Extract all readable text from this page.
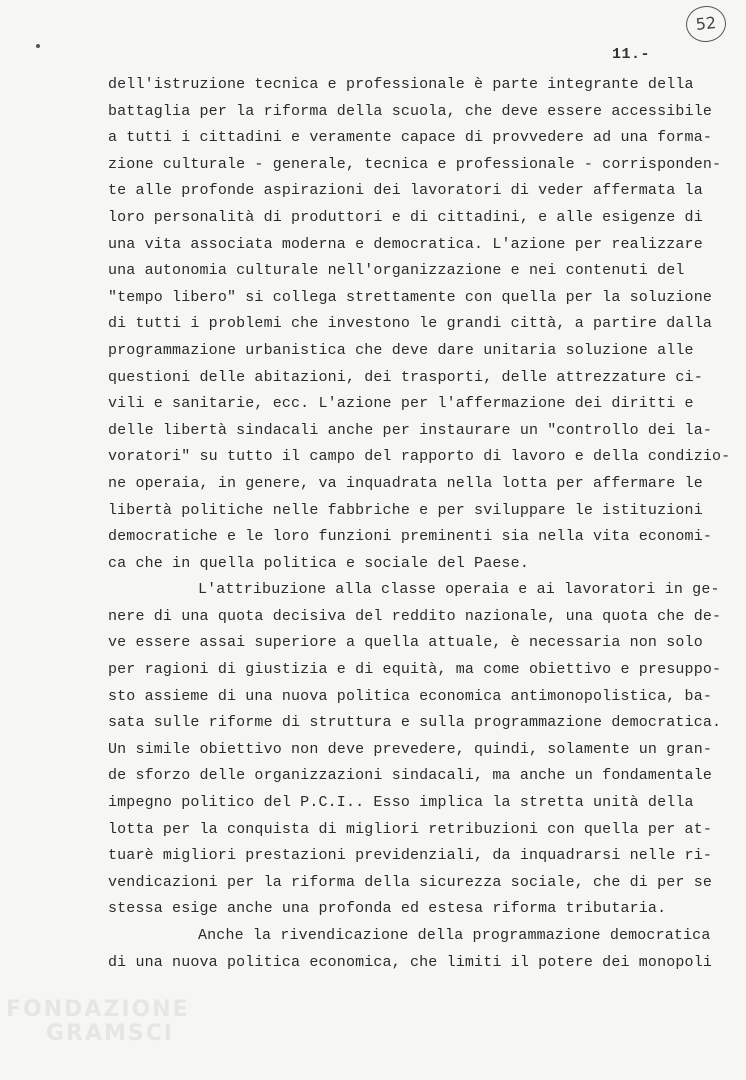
52
11.-
dell'istruzione tecnica e professionale è parte integrante della
battaglia per la riforma della scuola, che deve essere accessibile
a tutti i cittadini e veramente capace di provvedere ad una forma-
zione culturale - generale, tecnica e professionale - corrisponden-
te alle profonde aspirazioni dei lavoratori di veder affermata la
loro personalità di produttori e di cittadini, e alle esigenze di
una vita associata moderna e democratica. L'azione per realizzare
una autonomia culturale nell'organizzazione e nei contenuti del
"tempo libero" si collega strettamente con quella per la soluzione
di tutti i problemi che investono le grandi città, a partire dalla
programmazione urbanistica che deve dare unitaria soluzione alle
questioni delle abitazioni, dei trasporti, delle attrezzature ci-
vili e sanitarie, ecc. L'azione per l'affermazione dei diritti e
delle libertà sindacali anche per instaurare un "controllo dei la-
voratori" su tutto il campo del rapporto di lavoro e della condizio-
ne operaia, in genere, va inquadrata nella lotta per affermare le
libertà politiche nelle fabbriche e per sviluppare le istituzioni
democratiche e le loro funzioni preminenti sia nella vita economi-
ca che in quella politica e sociale del Paese.
L'attribuzione alla classe operaia e ai lavoratori in ge-
nere di una quota decisiva del reddito nazionale, una quota che de-
ve essere assai superiore a quella attuale, è necessaria non solo
per ragioni di giustizia e di equità, ma come obiettivo e presuppo-
sto assieme di una nuova politica economica antimonopolistica, ba-
sata sulle riforme di struttura e sulla programmazione democratica.
Un simile obiettivo non deve prevedere, quindi, solamente un gran-
de sforzo delle organizzazioni sindacali, ma anche un fondamentale
impegno politico del P.C.I.. Esso implica la stretta unità della
lotta per la conquista di migliori retribuzioni con quella per at-
tuarè migliori prestazioni previdenziali, da inquadrarsi nelle ri-
vendicazioni per la riforma della sicurezza sociale, che di per se
stessa esige anche una profonda ed estesa riforma tributaria.
Anche la rivendicazione della programmazione democratica
di una nuova politica economica, che limiti il potere dei monopoli
FONDAZIONE
GRAMSCI
